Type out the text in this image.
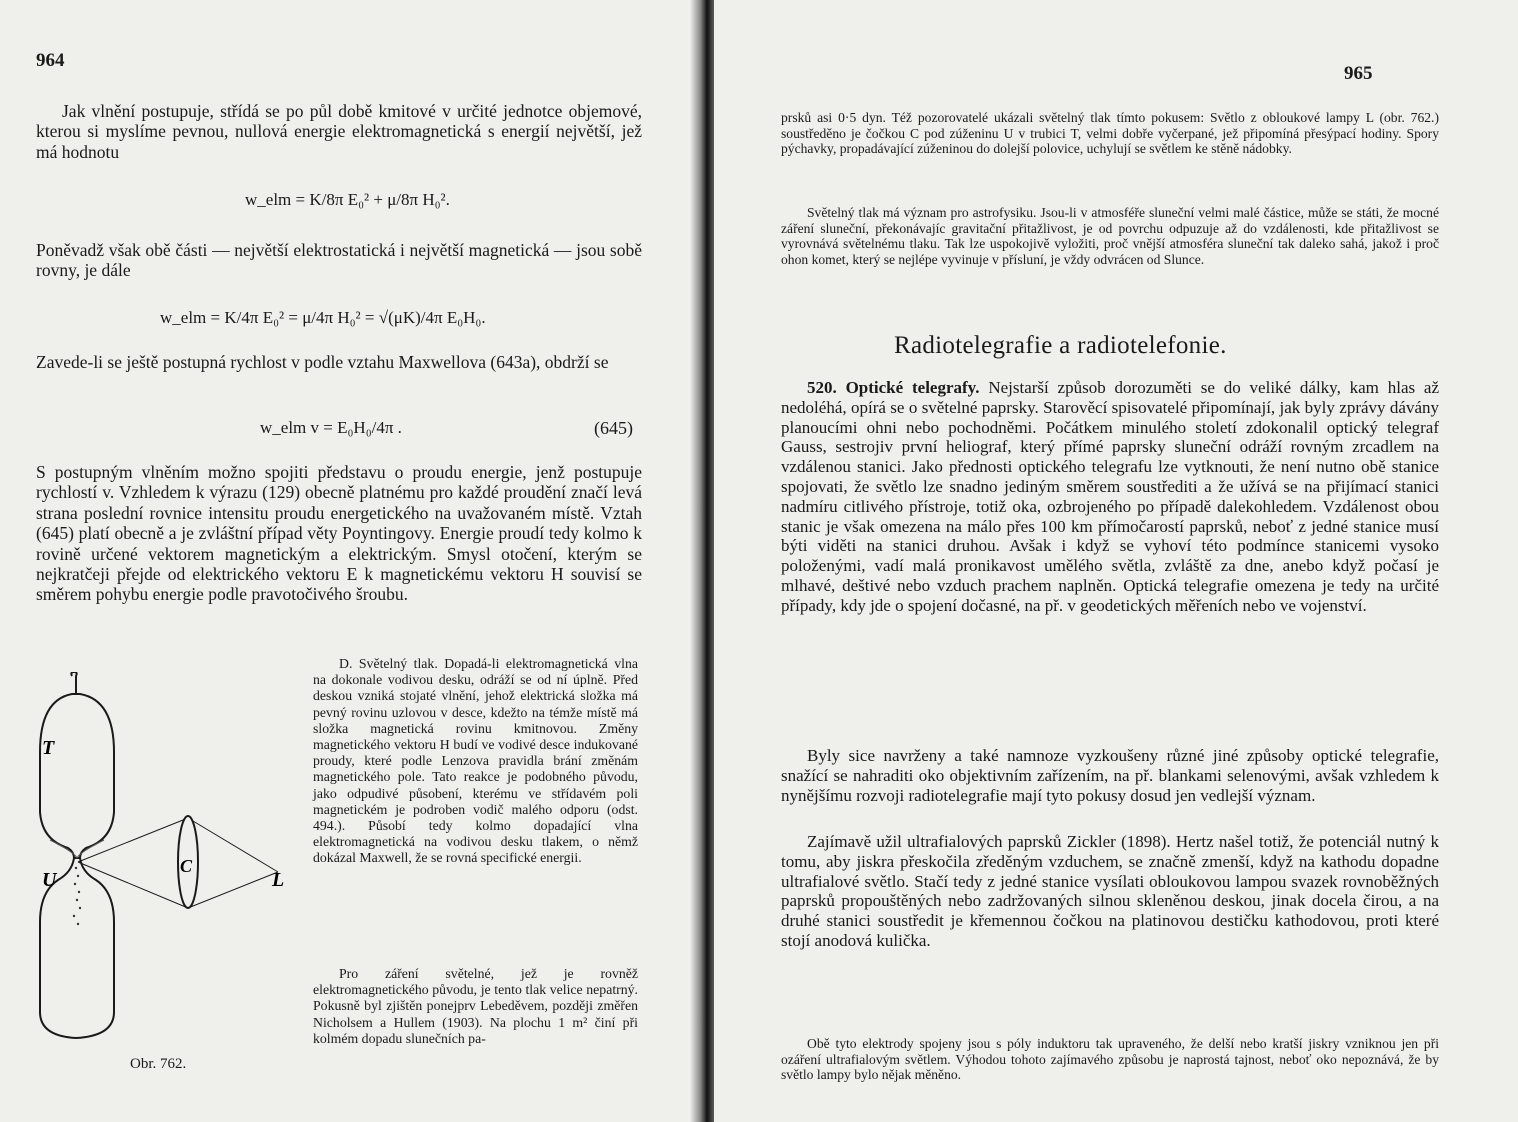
964

Jak vlnění postupuje, střídá se po půl době kmitové v určité jednotce objemové, kterou si myslíme pevnou, nullová energie elektromagnetická s energií největší, jež má hodnotu

w_elm = K/8π E₀² + μ/8π H₀².

Poněvadž však obě části — největší elektrostatická i největší magnetická — jsou sobě rovny, je dále

w_elm = K/4π E₀² = μ/4π H₀² = √(μK)/4π E₀H₀.

Zavede-li se ještě postupná rychlost v podle vztahu Maxwellova (643a), obdrží se

w_elm v = E₀H₀/4π .	(645)

S postupným vlněním možno spojiti představu o proudu energie, jenž postupuje rychlostí v. Vzhledem k výrazu (129) obecně platnému pro každé proudění značí levá strana poslední rovnice intensitu proudu energetického na uvažovaném místě. Vztah (645) platí obecně a je zvláštní případ věty Poyntingovy. Energie proudí tedy kolmo k rovině určené vektorem magnetickým a elektrickým. Smysl otočení, kterým se nejkratčeji přejde od elektrického vektoru E k magnetickému vektoru H souvisí se směrem pohybu energie podle pravotočivého šroubu.

T
U
C
L
Obr. 762.

D. Světelný tlak. Dopadá-li elektromagnetická vlna na dokonale vodivou desku, odráží se od ní úplně. Před deskou vzniká stojaté vlnění, jehož elektrická složka má pevný rovinu uzlovou v desce, kdežto na témže místě má složka magnetická rovinu kmitnovou. Změny magnetického vektoru H budí ve vodivé desce indukované proudy, které podle Lenzova pravidla brání změnám magnetického pole. Tato reakce je podobného původu, jako odpudivé působení, kterému ve střídavém poli magnetickém je podroben vodič malého odporu (odst. 494.). Působí tedy kolmo dopadající vlna elektromagnetická na vodivou desku tlakem, o němž dokázal Maxwell, že se rovná specifické energii.

Pro záření světelné, jež je rovněž elektromagnetického původu, je tento tlak velice nepatrný. Pokusně byl zjištěn ponejprv Lebeděvem, později změřen Nicholsem a Hullem (1903). Na plochu 1 m² činí při kolmém dopadu slunečních pa-

965

prsků asi 0·5 dyn. Též pozorovatelé ukázali světelný tlak tímto pokusem: Světlo z obloukové lampy L (obr. 762.) soustředěno je čočkou C pod zúženinu U v trubici T, velmi dobře vyčerpané, jež připomíná přesýpací hodiny. Spory pýchavky, propadávající zúženinou do dolejší polovice, uchylují se světlem ke stěně nádobky.

Světelný tlak má význam pro astrofysiku. Jsou-li v atmosféře sluneční velmi malé částice, může se státi, že mocné záření sluneční, překonávajíc gravitační přitažlivost, je od povrchu odpuzuje až do vzdálenosti, kde přitažlivost se vyrovnává světelnému tlaku. Tak lze uspokojivě vyložiti, proč vnější atmosféra sluneční tak daleko sahá, jakož i proč ohon komet, který se nejlépe vyvinuje v přísluní, je vždy odvrácen od Slunce.

Radiotelegrafie a radiotelefonie.

520. Optické telegrafy. Nejstarší způsob dorozuměti se do veliké dálky, kam hlas až nedoléhá, opírá se o světelné paprsky. Starověcí spisovatelé připomínají, jak byly zprávy dávány planoucími ohni nebo pochodněmi. Počátkem minulého století zdokonalil optický telegraf Gauss, sestrojiv první heliograf, který přímé paprsky sluneční odráží rovným zrcadlem na vzdálenou stanici. Jako přednosti optického telegrafu lze vytknouti, že není nutno obě stanice spojovati, že světlo lze snadno jediným směrem soustřediti a že užívá se na přijímací stanici nadmíru citlivého přístroje, totiž oka, ozbrojeného po případě dalekohledem. Vzdálenost obou stanic je však omezena na málo přes 100 km přímočarostí paprsků, neboť z jedné stanice musí býti viděti na stanici druhou. Avšak i když se vyhoví této podmínce stanicemi vysoko položenými, vadí malá pronikavost umělého světla, zvláště za dne, anebo když počasí je mlhavé, deštivé nebo vzduch prachem naplněn. Optická telegrafie omezena je tedy na určité případy, kdy jde o spojení dočasné, na př. v geodetických měřeních nebo ve vojenství.

Byly sice navrženy a také namnoze vyzkoušeny různé jiné způsoby optické telegrafie, snažící se nahraditi oko objektivním zařízením, na př. blankami selenovými, avšak vzhledem k nynějšímu rozvoji radiotelegrafie mají tyto pokusy dosud jen vedlejší význam.

Zajímavě užil ultrafialových paprsků Zickler (1898). Hertz našel totiž, že potenciál nutný k tomu, aby jiskra přeskočila zředěným vzduchem, se značně zmenší, když na kathodu dopadne ultrafialové světlo. Stačí tedy z jedné stanice vysílati obloukovou lampou svazek rovnoběžných paprsků propouštěných nebo zadržovaných silnou skleněnou deskou, jinak docela čirou, a na druhé stanici soustředit je křemennou čočkou na platinovou destičku kathodovou, proti které stojí anodová kulička.

Obě tyto elektrody spojeny jsou s póly induktoru tak upraveného, že delší nebo kratší jiskry vzniknou jen při ozáření ultrafialovým světlem. Výhodou tohoto zajímavého způsobu je naprostá tajnost, neboť oko nepoznává, že by světlo lampy bylo nějak měněno.
